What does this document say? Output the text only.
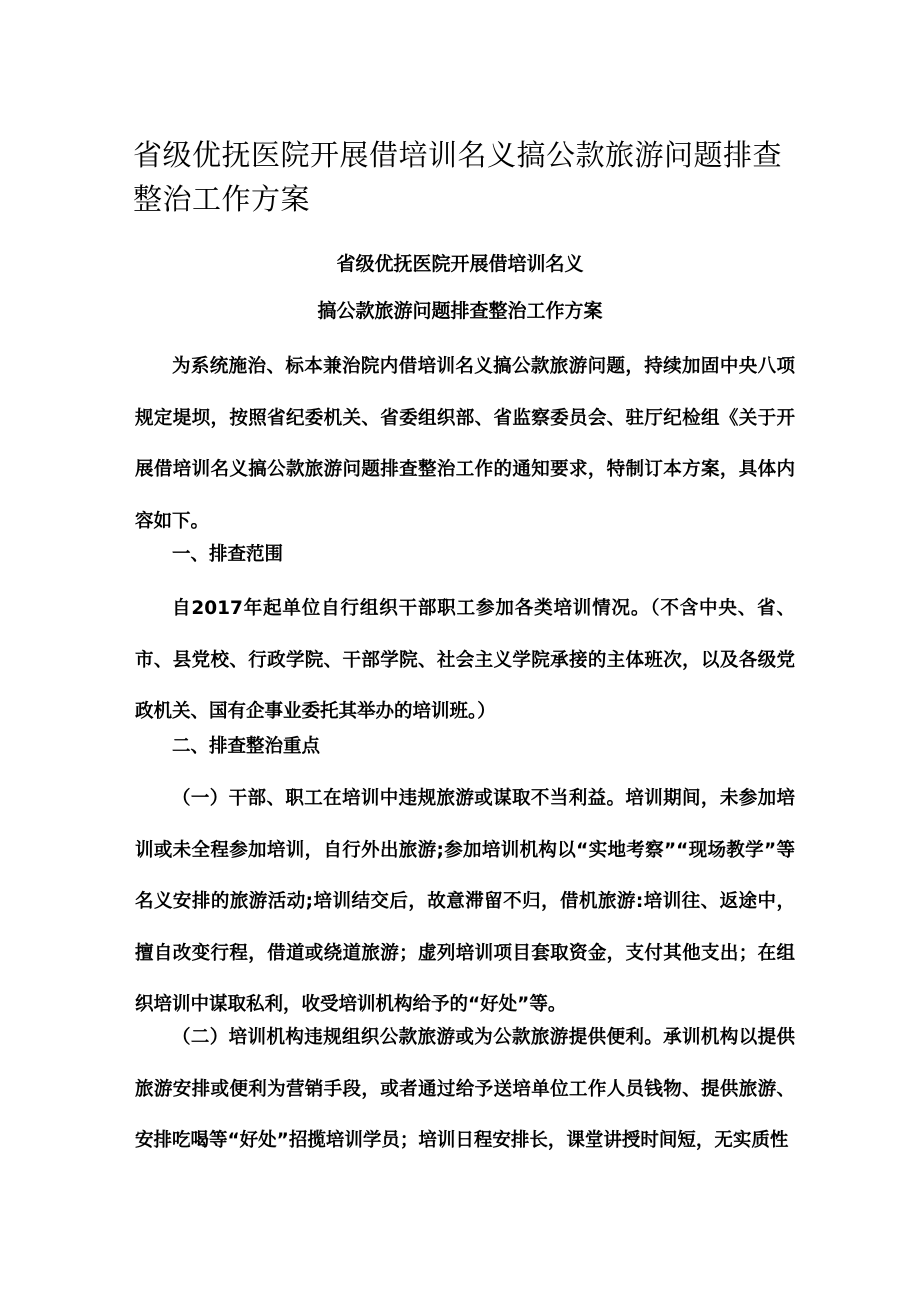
省级优抚医院开展借培训名义搞公款旅游问题排查整治工作方案

省级优抚医院开展借培训名义

搞公款旅游问题排查整治工作方案

为系统施治、标本兼治院内借培训名义搞公款旅游问题，持续加固中央八项规定堤坝，按照省纪委机关、省委组织部、省监察委员会、驻厅纪检组《关于开展借培训名义搞公款旅游问题排查整治工作的通知要求，特制订本方案，具体内容如下。

一、排查范围

自2017年起单位自行组织干部职工参加各类培训情况。（不含中央、省、市、县党校、行政学院、干部学院、社会主义学院承接的主体班次，以及各级党政机关、国有企事业委托其举办的培训班。）

二、排查整治重点

（一）干部、职工在培训中违规旅游或谋取不当利益。培训期间，未参加培训或未全程参加培训，自行外出旅游;参加培训机构以“实地考察”“现场教学”等名义安排的旅游活动;培训结交后，故意滞留不归，借机旅游:培训往、返途中，擅自改变行程，借道或绕道旅游；虚列培训项目套取资金，支付其他支出；在组织培训中谋取私利，收受培训机构给予的“好处”等。

（二）培训机构违规组织公款旅游或为公款旅游提供便利。承训机构以提供旅游安排或便利为营销手段，或者通过给予送培单位工作人员钱物、提供旅游、安排吃喝等“好处”招揽培训学员；培训日程安排长，课堂讲授时间短，无实质性
